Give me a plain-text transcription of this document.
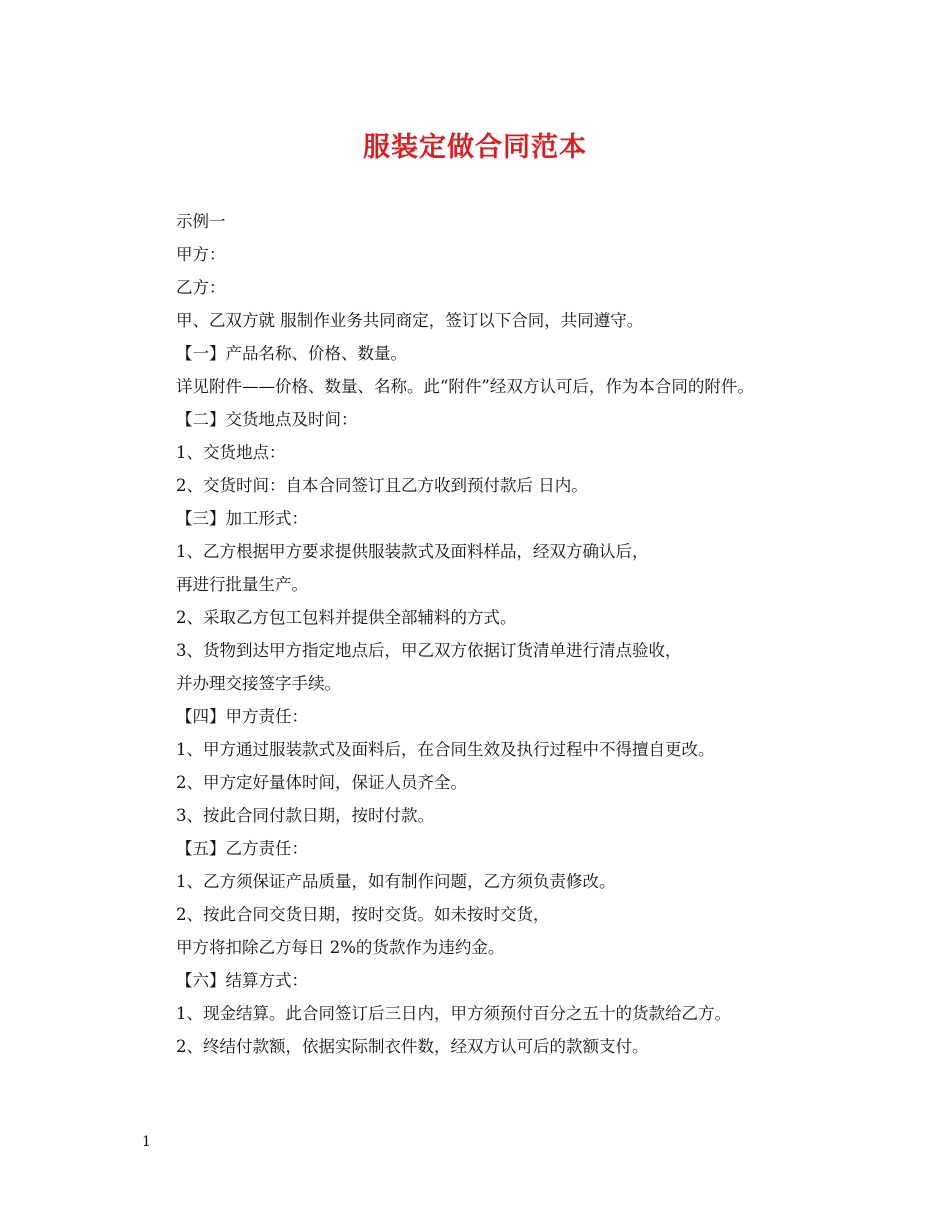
服装定做合同范本

示例一

甲方：

乙方：

甲、乙双方就 服制作业务共同商定，签订以下合同，共同遵守。

【一】产品名称、价格、数量。

详见附件——价格、数量、名称。此“附件”经双方认可后，作为本合同的附件。

【二】交货地点及时间：

1、交货地点：

2、交货时间：自本合同签订且乙方收到预付款后 日内。

【三】加工形式：

1、乙方根据甲方要求提供服装款式及面料样品，经双方确认后，

再进行批量生产。

2、采取乙方包工包料并提供全部辅料的方式。

3、货物到达甲方指定地点后，甲乙双方依据订货清单进行清点验收，

并办理交接签字手续。

【四】甲方责任：

1、甲方通过服装款式及面料后，在合同生效及执行过程中不得擅自更改。

2、甲方定好量体时间，保证人员齐全。

3、按此合同付款日期，按时付款。

【五】乙方责任：

1、乙方须保证产品质量，如有制作问题，乙方须负责修改。

2、按此合同交货日期，按时交货。如未按时交货，

甲方将扣除乙方每日 2%的货款作为违约金。

【六】结算方式：

1、现金结算。此合同签订后三日内，甲方须预付百分之五十的货款给乙方。

2、终结付款额，依据实际制衣件数，经双方认可后的款额支付。

1
